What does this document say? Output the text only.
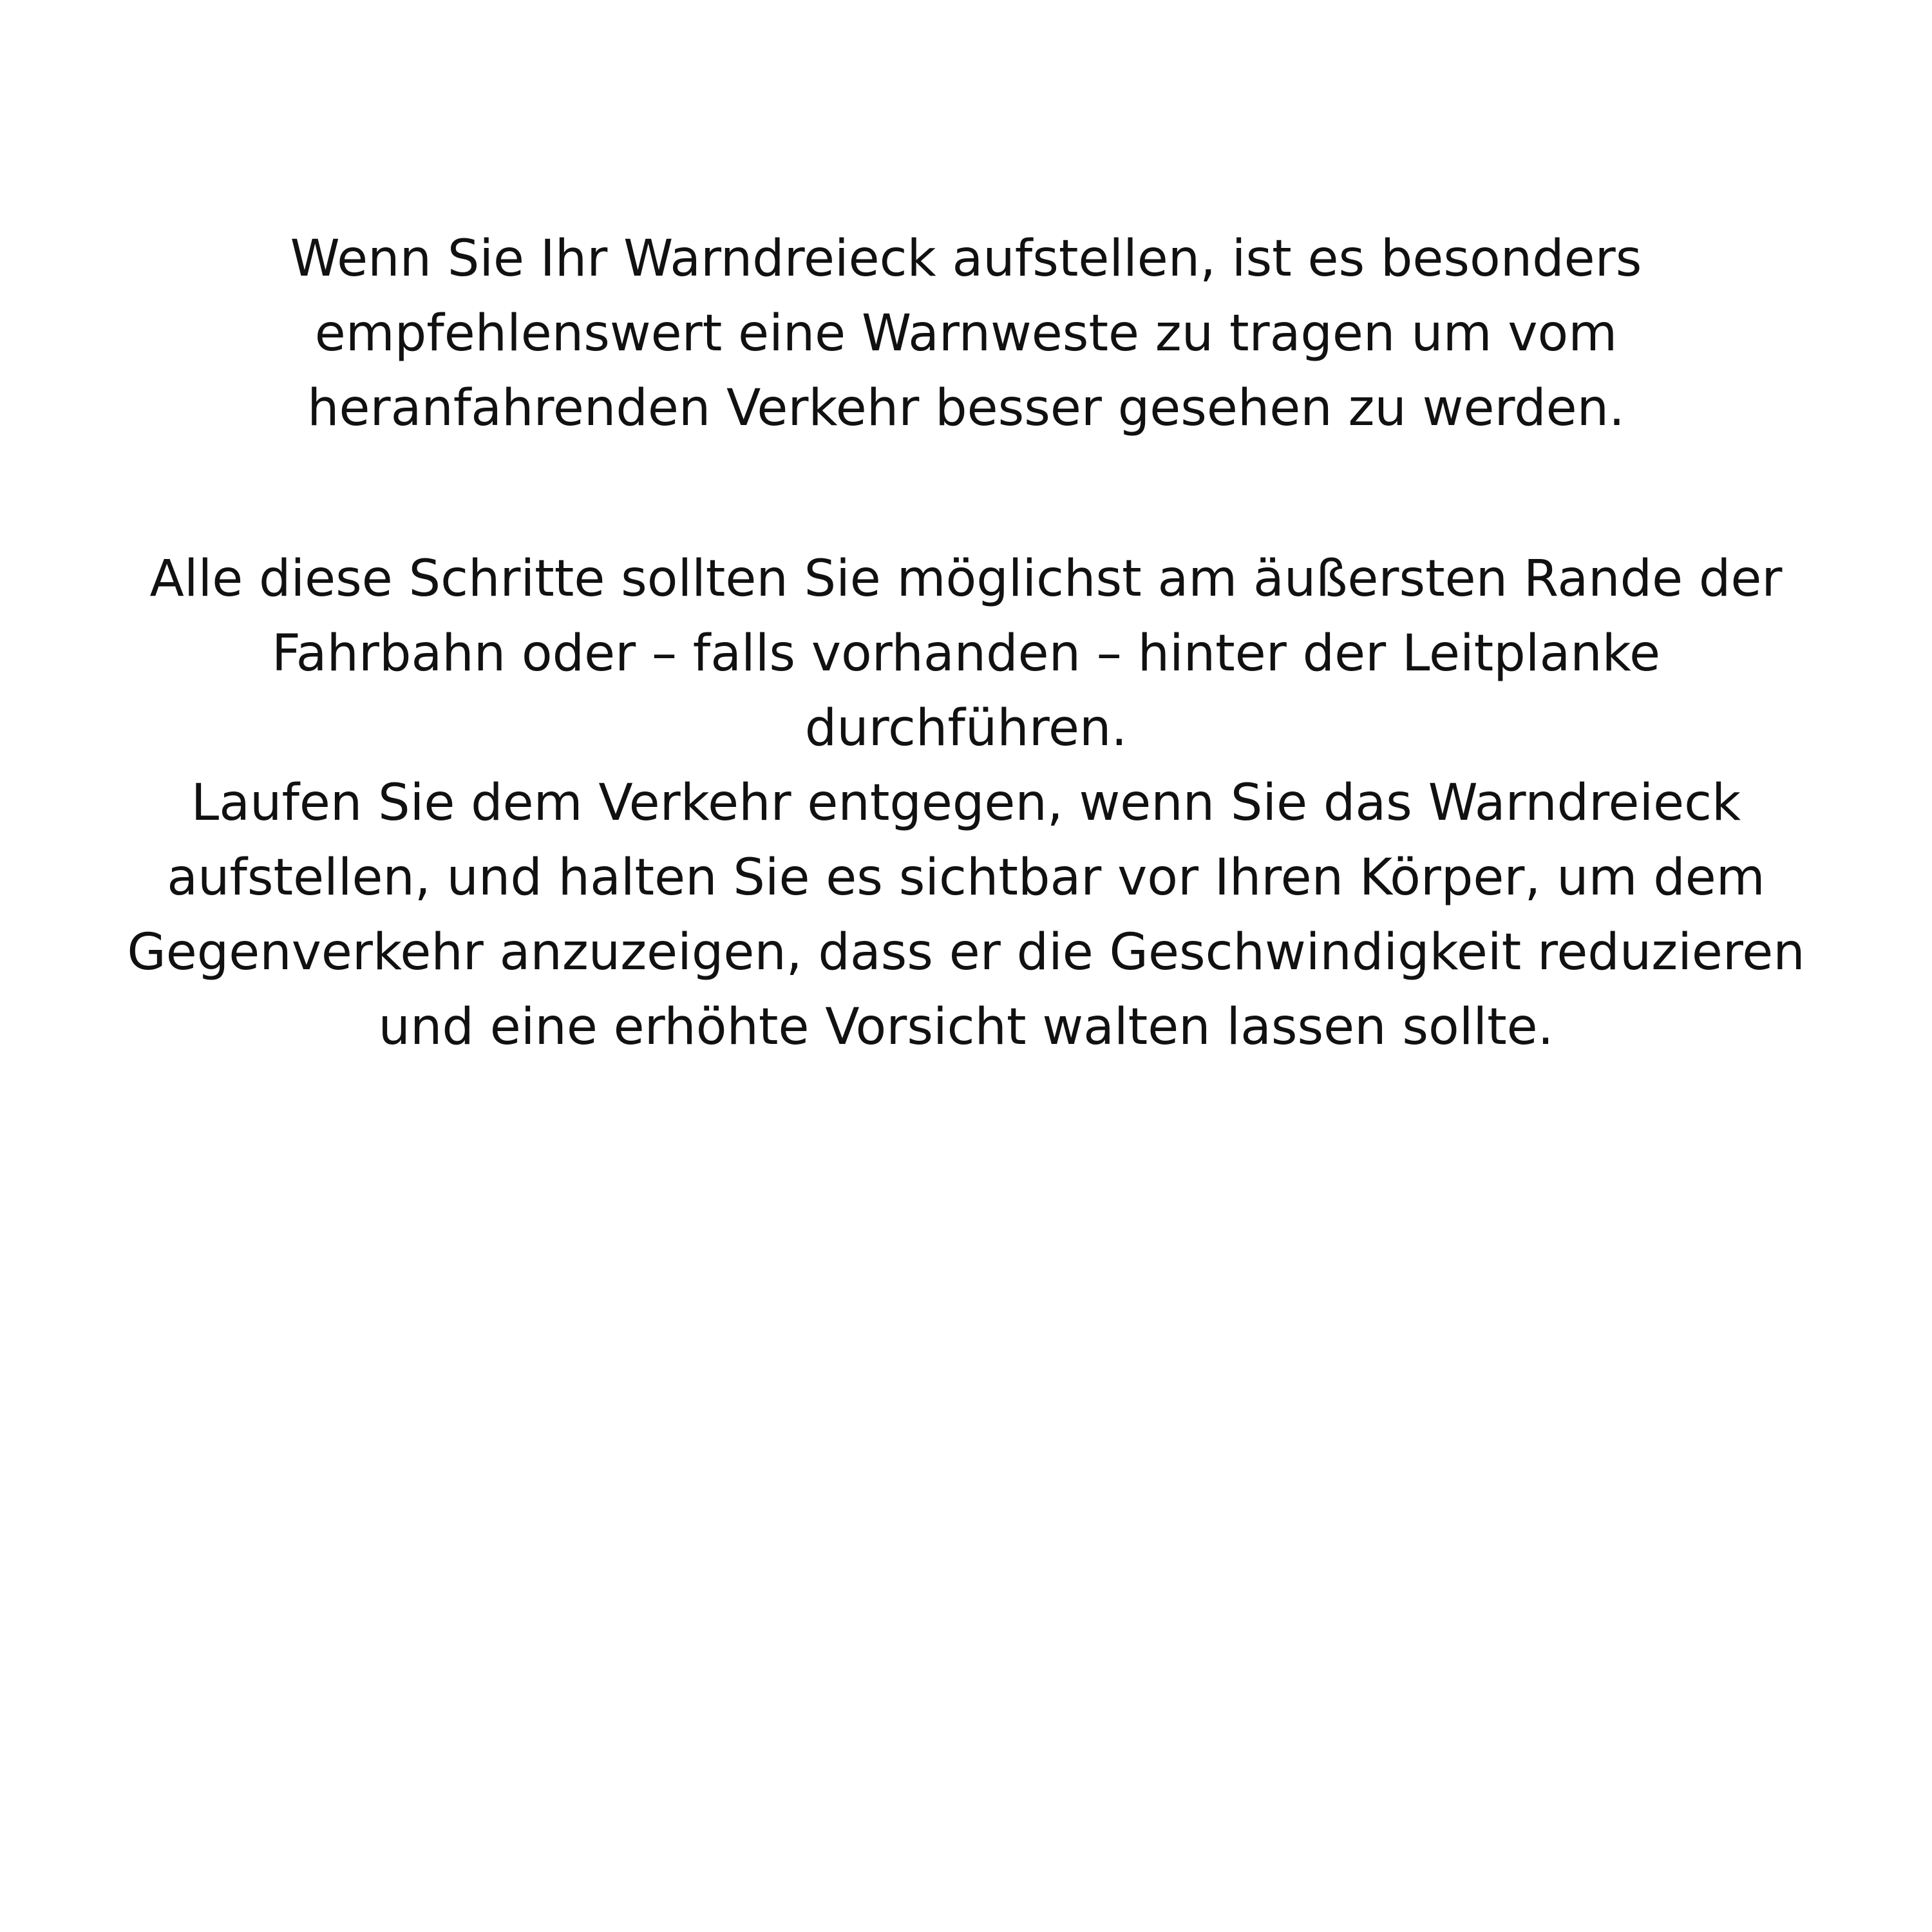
Wenn Sie Ihr Warndreieck aufstellen, ist es besonders
empfehlenswert eine Warnweste zu tragen um vom
heranfahrenden Verkehr besser gesehen zu werden.
Alle diese Schritte sollten Sie möglichst am äußersten Rande der
Fahrbahn oder – falls vorhanden – hinter der Leitplanke
durchführen.
Laufen Sie dem Verkehr entgegen, wenn Sie das Warndreieck
aufstellen, und halten Sie es sichtbar vor Ihren Körper, um dem
Gegenverkehr anzuzeigen, dass er die Geschwindigkeit reduzieren
und eine erhöhte Vorsicht walten lassen sollte.
